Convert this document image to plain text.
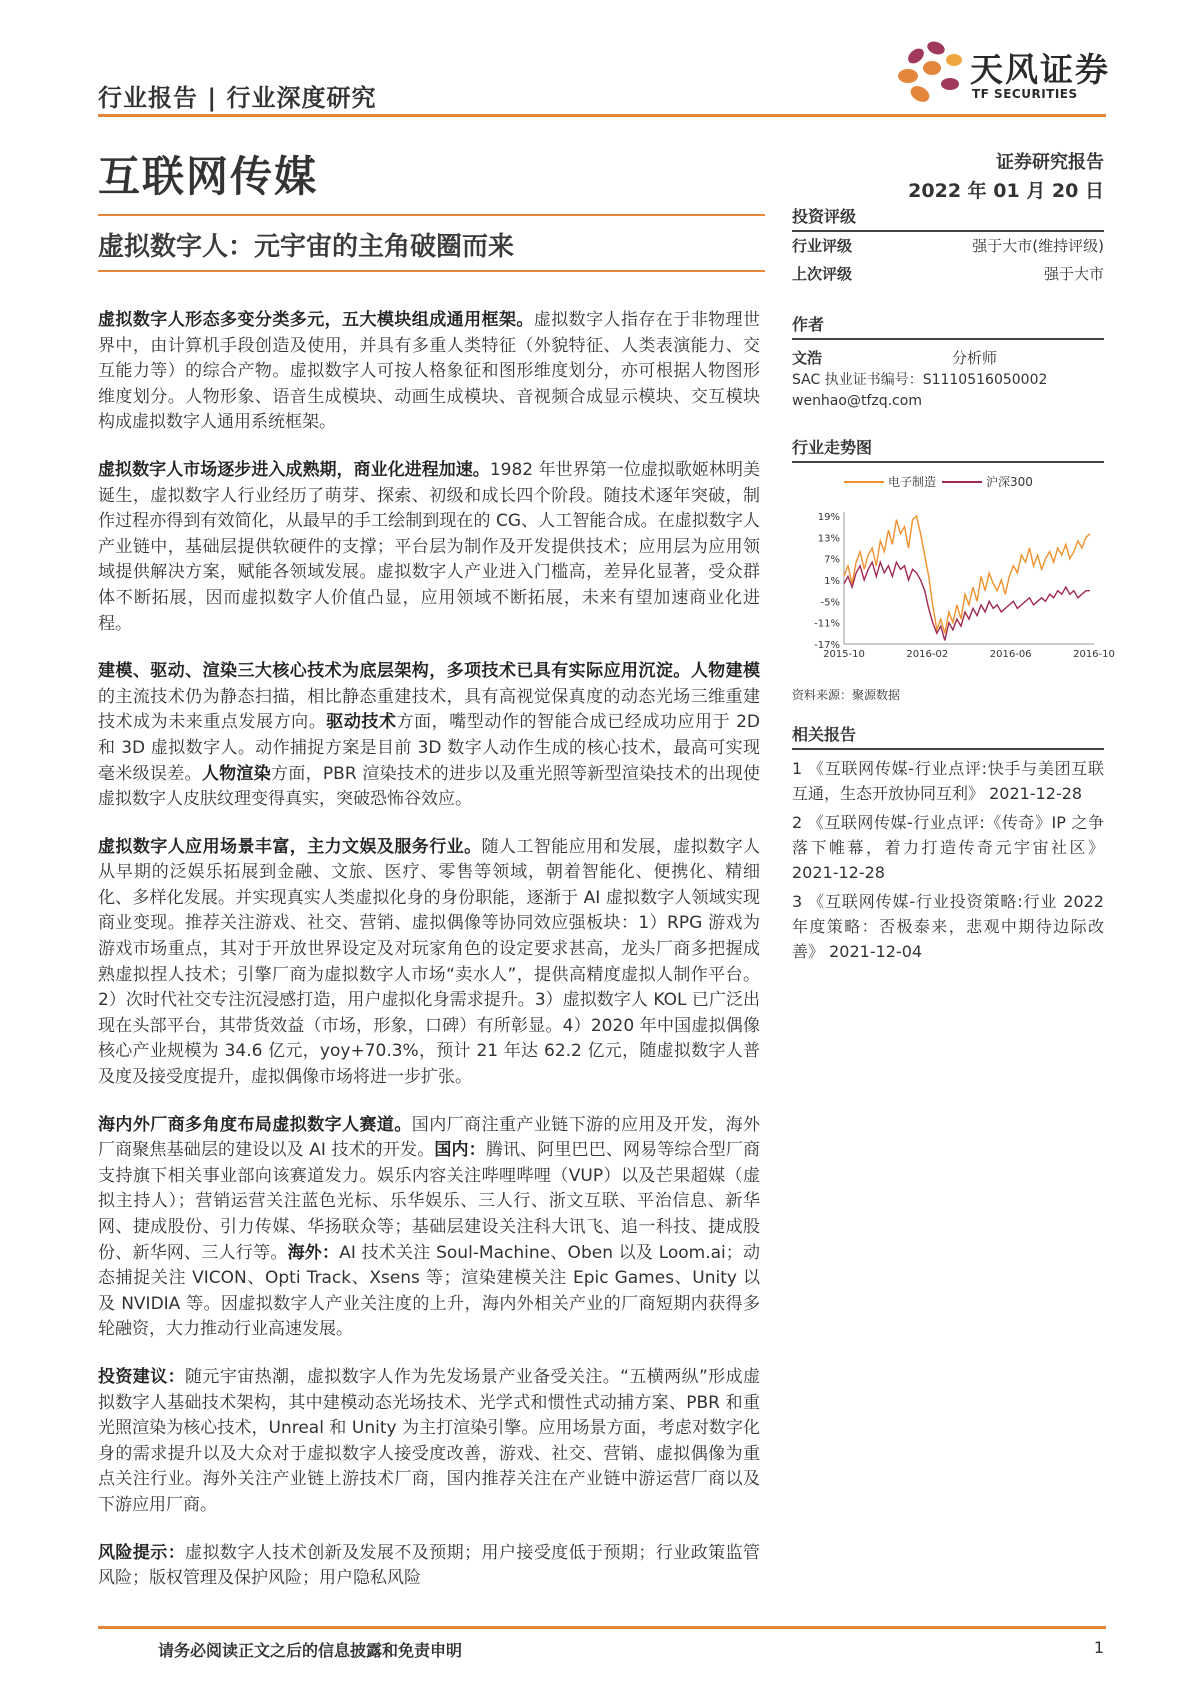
行业报告 | 行业深度研究
天风证券
TF SECURITIES
互联网传媒	证券研究报告
2022 年 01 月 20 日
虚拟数字人：元宇宙的主角破圈而来

虚拟数字人形态多变分类多元，五大模块组成通用框架。虚拟数字人指存在于非物理世界中，由计算机手段创造及使用，并具有多重人类特征（外貌特征、人类表演能力、交互能力等）的综合产物。虚拟数字人可按人格象征和图形维度划分，亦可根据人物图形维度划分。人物形象、语音生成模块、动画生成模块、音视频合成显示模块、交互模块构成虚拟数字人通用系统框架。

虚拟数字人市场逐步进入成熟期，商业化进程加速。1982 年世界第一位虚拟歌姬林明美诞生，虚拟数字人行业经历了萌芽、探索、初级和成长四个阶段。随技术逐年突破，制作过程亦得到有效简化，从最早的手工绘制到现在的 CG、人工智能合成。在虚拟数字人产业链中，基础层提供软硬件的支撑；平台层为制作及开发提供技术；应用层为应用领域提供解决方案，赋能各领域发展。虚拟数字人产业进入门槛高，差异化显著，受众群体不断拓展，因而虚拟数字人价值凸显，应用领域不断拓展，未来有望加速商业化进程。

建模、驱动、渲染三大核心技术为底层架构，多项技术已具有实际应用沉淀。人物建模的主流技术仍为静态扫描，相比静态重建技术，具有高视觉保真度的动态光场三维重建技术成为未来重点发展方向。驱动技术方面，嘴型动作的智能合成已经成功应用于 2D 和 3D 虚拟数字人。动作捕捉方案是目前 3D 数字人动作生成的核心技术，最高可实现毫米级误差。人物渲染方面，PBR 渲染技术的进步以及重光照等新型渲染技术的出现使虚拟数字人皮肤纹理变得真实，突破恐怖谷效应。

虚拟数字人应用场景丰富，主力文娱及服务行业。随人工智能应用和发展，虚拟数字人从早期的泛娱乐拓展到金融、文旅、医疗、零售等领域，朝着智能化、便携化、精细化、多样化发展。并实现真实人类虚拟化身的身份职能，逐渐于 AI 虚拟数字人领域实现商业变现。推荐关注游戏、社交、营销、虚拟偶像等协同效应强板块：1）RPG 游戏为游戏市场重点，其对于开放世界设定及对玩家角色的设定要求甚高，龙头厂商多把握成熟虚拟捏人技术；引擎厂商为虚拟数字人市场“卖水人”，提供高精度虚拟人制作平台。2）次时代社交专注沉浸感打造，用户虚拟化身需求提升。3）虚拟数字人 KOL 已广泛出现在头部平台，其带货效益（市场，形象，口碑）有所彰显。4）2020 年中国虚拟偶像核心产业规模为 34.6 亿元，yoy+70.3%，预计 21 年达 62.2 亿元，随虚拟数字人普及度及接受度提升，虚拟偶像市场将进一步扩张。

海内外厂商多角度布局虚拟数字人赛道。国内厂商注重产业链下游的应用及开发，海外厂商聚焦基础层的建设以及 AI 技术的开发。国内：腾讯、阿里巴巴、网易等综合型厂商支持旗下相关事业部向该赛道发力。娱乐内容关注哔哩哔哩（VUP）以及芒果超媒（虚拟主持人）；营销运营关注蓝色光标、乐华娱乐、三人行、浙文互联、平治信息、新华网、捷成股份、引力传媒、华扬联众等；基础层建设关注科大讯飞、追一科技、捷成股份、新华网、三人行等。海外：AI 技术关注 Soul-Machine、Oben 以及 Loom.ai；动态捕捉关注 VICON、Opti Track、Xsens 等；渲染建模关注 Epic Games、Unity 以及 NVIDIA 等。因虚拟数字人产业关注度的上升，海内外相关产业的厂商短期内获得多轮融资，大力推动行业高速发展。

投资建议：随元宇宙热潮，虚拟数字人作为先发场景产业备受关注。“五横两纵”形成虚拟数字人基础技术架构，其中建模动态光场技术、光学式和惯性式动捕方案、PBR 和重光照渲染为核心技术，Unreal 和 Unity 为主打渲染引擎。应用场景方面，考虑对数字化身的需求提升以及大众对于虚拟数字人接受度改善，游戏、社交、营销、虚拟偶像为重点关注行业。海外关注产业链上游技术厂商，国内推荐关注在产业链中游运营厂商以及下游应用厂商。

风险提示：虚拟数字人技术创新及发展不及预期；用户接受度低于预期；行业政策监管风险；版权管理及保护风险；用户隐私风险

投资评级
行业评级	强于大市(维持评级)
上次评级	强于大市
作者
文浩	分析师
SAC 执业证书编号：S1110516050002
wenhao@tfzq.com
行业走势图
电子制造	沪深300
19%
13%
7%
1%
-5%
-11%
-17%
2015-10	2016-02	2016-06	2016-10
资料来源：聚源数据
相关报告

1 《互联网传媒-行业点评:快手与美团互联互通，生态开放协同互利》 2021-12-28

2 《互联网传媒-行业点评:《传奇》IP 之争落下帷幕，着力打造传奇元宇宙社区》 2021-12-28

3 《互联网传媒-行业投资策略:行业 2022 年度策略：否极泰来，悲观中期待边际改善》 2021-12-04

请务必阅读正文之后的信息披露和免责申明	1
